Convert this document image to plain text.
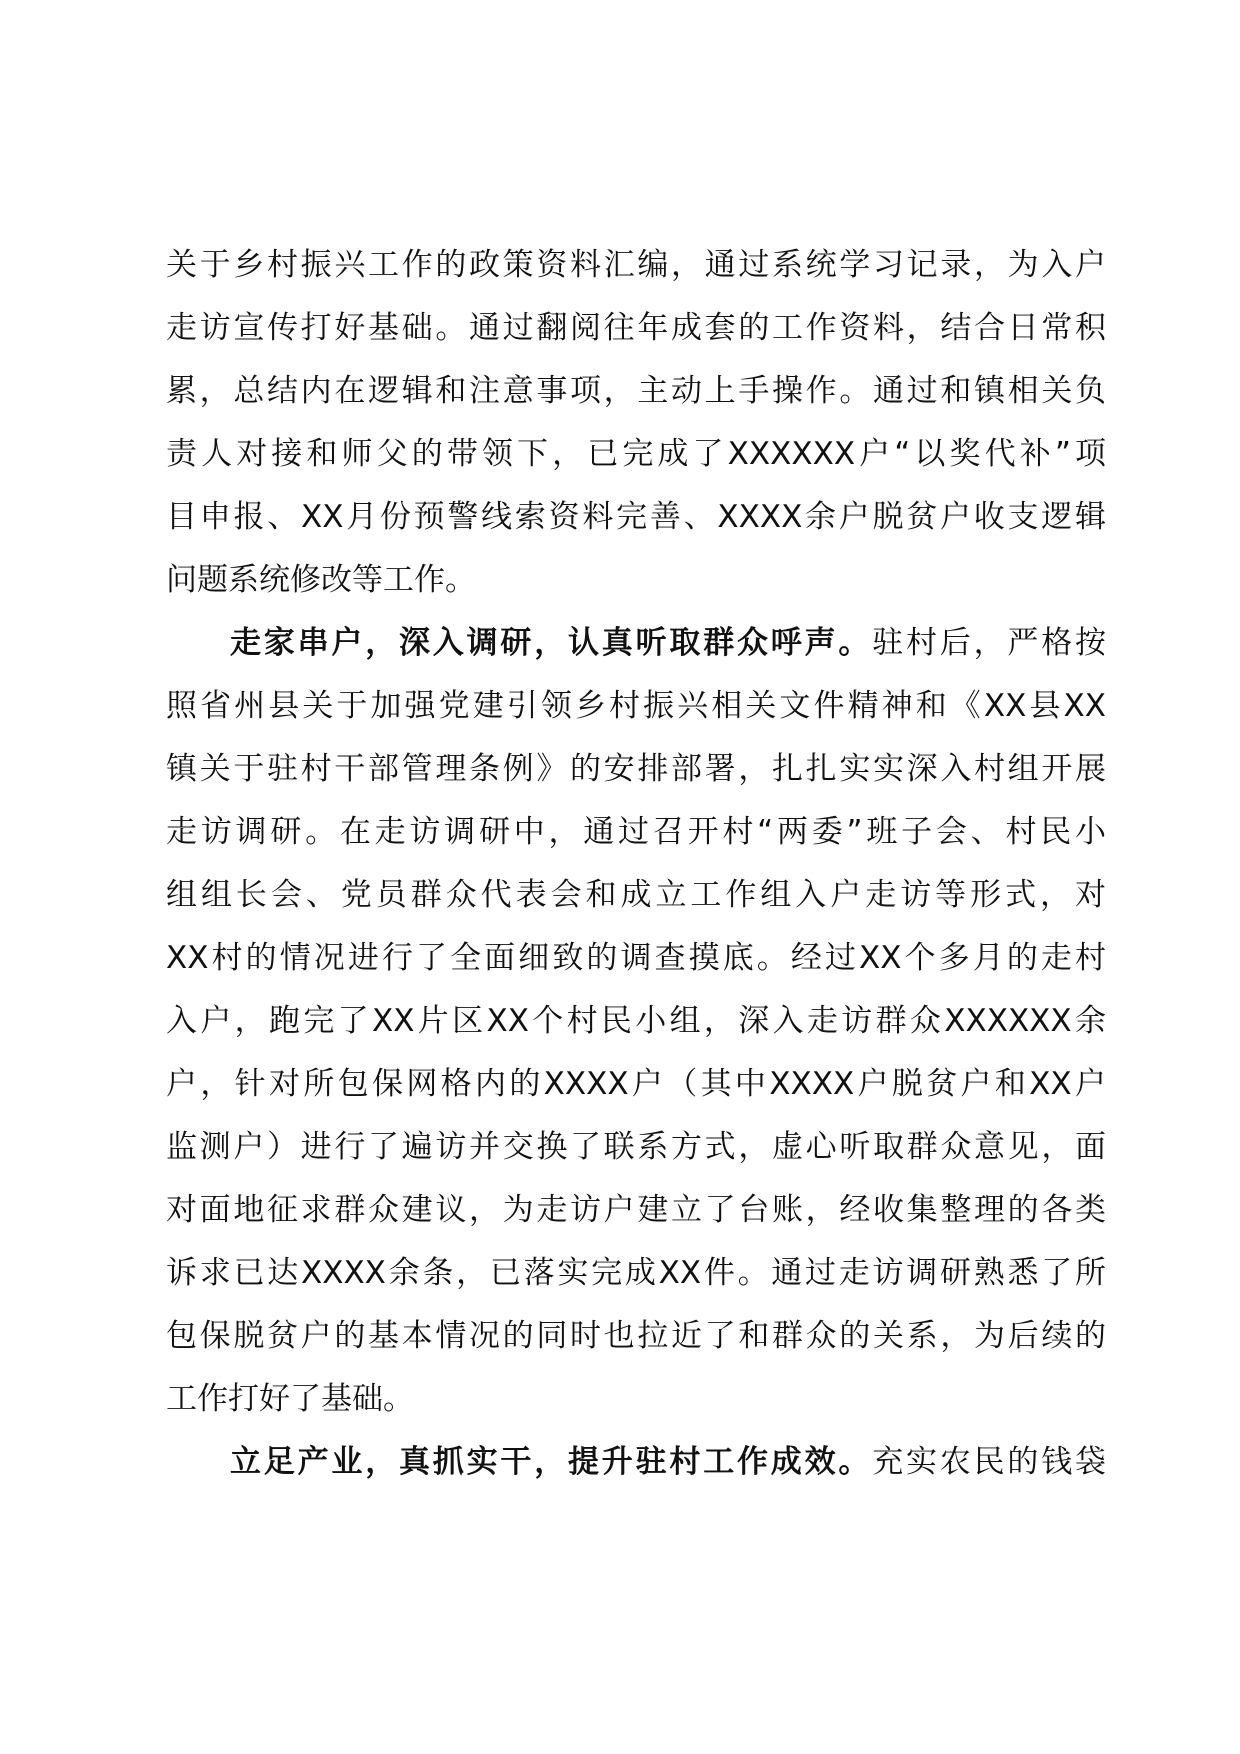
关于乡村振兴工作的政策资料汇编，通过系统学习记录，为入户
走访宣传打好基础。通过翻阅往年成套的工作资料，结合日常积
累，总结内在逻辑和注意事项，主动上手操作。通过和镇相关负
责人对接和师父的带领下，已完成了XXXXXX户“以奖代补”项
目申报、XX月份预警线索资料完善、XXXX余户脱贫户收支逻辑
问题系统修改等工作。
走家串户，深入调研，认真听取群众呼声。驻村后，严格按
照省州县关于加强党建引领乡村振兴相关文件精神和《XX县XX
镇关于驻村干部管理条例》的安排部署，扎扎实实深入村组开展
走访调研。在走访调研中，通过召开村“两委”班子会、村民小
组组长会、党员群众代表会和成立工作组入户走访等形式，对
XX村的情况进行了全面细致的调查摸底。经过XX个多月的走村
入户，跑完了XX片区XX个村民小组，深入走访群众XXXXXX余
户，针对所包保网格内的XXXX户（其中XXXX户脱贫户和XX户
监测户）进行了遍访并交换了联系方式，虚心听取群众意见，面
对面地征求群众建议，为走访户建立了台账，经收集整理的各类
诉求已达XXXX余条，已落实完成XX件。通过走访调研熟悉了所
包保脱贫户的基本情况的同时也拉近了和群众的关系，为后续的
工作打好了基础。
立足产业，真抓实干，提升驻村工作成效。充实农民的钱袋
